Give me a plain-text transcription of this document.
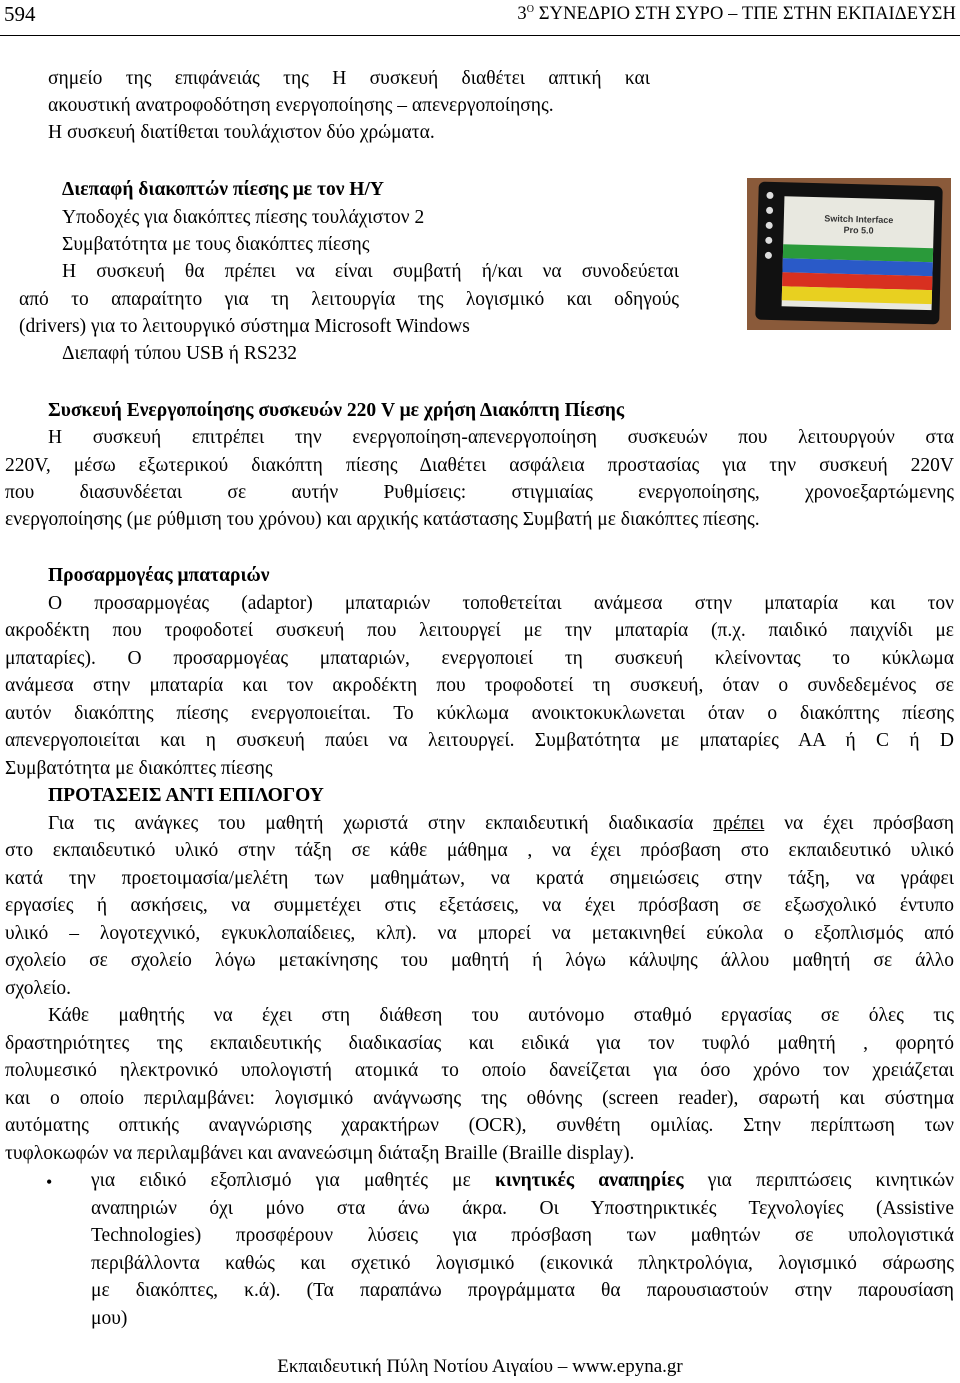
594	$3^O$ ΣΥΝΕΔΡΙΟ ΣΤΗ ΣΥΡΟ – ΤΠΕ ΣΤΗΝ ΕΚΠΑΙΔΕΥΣΗ
σημείο της επιφάνειάς της Η συσκευή διαθέτει απτική και
ακουστική ανατροφοδότηση ενεργοποίησης – απενεργοποίησης.
Η συσκευή διατίθεται τουλάχιστον δύο χρώματα.
Διεπαφή διακοπτών πίεσης με τον Η/Υ
Υποδοχές για διακόπτες πίεσης τουλάχιστον 2
Συμβατότητα με τους διακόπτες πίεσης
Η συσκευή θα πρέπει να είναι συμβατή ή/και να συνοδεύεται
από το απαραίτητο για τη λειτουργία της λογισμικό και οδηγούς
(drivers) για το λειτουργικό σύστημα Microsoft Windows
Διεπαφή τύπου USB ή RS232
Switch Interface
Pro 5.0
Συσκευή Ενεργοποίησης συσκευών 220 V με χρήση Διακόπτη Πίεσης
Η συσκευή επιτρέπει την ενεργοποίηση-απενεργοποίηση συσκευών που λειτουργούν στα
220V, μέσω εξωτερικού διακόπτη πίεσης Διαθέτει ασφάλεια προστασίας για την συσκευή 220V
που διασυνδέεται σε αυτήν Ρυθμίσεις: στιγμιαίας ενεργοποίησης, χρονοεξαρτώμενης
ενεργοποίησης (με ρύθμιση του χρόνου) και αρχικής κατάστασης Συμβατή με διακόπτες πίεσης.
Προσαρμογέας μπαταριών
Ο προσαρμογέας (adaptor) μπαταριών τοποθετείται ανάμεσα στην μπαταρία και τον
ακροδέκτη που τροφοδοτεί συσκευή που λειτουργεί με την μπαταρία (π.χ. παιδικό παιχνίδι με
μπαταρίες). Ο προσαρμογέας μπαταριών, ενεργοποιεί τη συσκευή κλείνοντας το κύκλωμα
ανάμεσα στην μπαταρία και τον ακροδέκτη που τροφοδοτεί τη συσκευή, όταν ο συνδεδεμένος σε
αυτόν διακόπτης πίεσης ενεργοποιείται. Το κύκλωμα ανοικτοκυκλωνεται όταν ο διακόπτης πίεσης
απενεργοποιείται και η συσκευή παύει να λειτουργεί. Συμβατότητα με μπαταρίες ΑΑ ή C ή D
Συμβατότητα με διακόπτες πίεσης
ΠΡΟΤΑΣΕΙΣ ΑΝΤΙ ΕΠΙΛΟΓΟΥ
Για τις ανάγκες του μαθητή χωριστά στην εκπαιδευτική διαδικασία πρέπει να έχει πρόσβαση
στο εκπαιδευτικό υλικό στην τάξη σε κάθε μάθημα , να έχει πρόσβαση στο εκπαιδευτικό υλικό
κατά την προετοιμασία/μελέτη των μαθημάτων, να κρατά σημειώσεις στην τάξη, να γράφει
εργασίες ή ασκήσεις, να συμμετέχει στις εξετάσεις, να έχει πρόσβαση σε εξωσχολικό έντυπο
υλικό – λογοτεχνικό, εγκυκλοπαίδειες, κλπ). να μπορεί να μετακινηθεί εύκολα ο εξοπλισμός από
σχολείο σε σχολείο λόγω μετακίνησης του μαθητή ή λόγω κάλυψης άλλου μαθητή σε άλλο
σχολείο.
Κάθε μαθητής να έχει στη διάθεση του αυτόνομο σταθμό εργασίας σε όλες τις
δραστηριότητες της εκπαιδευτικής διαδικασίας και ειδικά για τον τυφλό μαθητή , φορητό
πολυμεσικό ηλεκτρονικό υπολογιστή ατομικά το οποίο δανείζεται για όσο χρόνο τον χρειάζεται
και ο οποίο περιλαμβάνει: λογισμικό ανάγνωσης της οθόνης (screen reader), σαρωτή και σύστημα
αυτόματης οπτικής αναγνώρισης χαρακτήρων (OCR), συνθέτη ομιλίας. Στην περίπτωση των
τυφλοκωφών να περιλαμβάνει και ανανεώσιμη διάταξη Braille (Braille display).
• για ειδικό εξοπλισμό για μαθητές με κινητικές αναπηρίες για περιπτώσεις κινητικών
αναπηριών όχι μόνο στα άνω άκρα. Οι Υποστηρικτικές Τεχνολογίες (Assistive
Technologies) προσφέρουν λύσεις για πρόσβαση των μαθητών σε υπολογιστικά
περιβάλλοντα καθώς και σχετικό λογισμικό (εικονικά πληκτρολόγια, λογισμικό σάρωσης
με διακόπτες, κ.ά). (Τα παραπάνω προγράμματα θα παρουσιαστούν στην παρουσίαση
μου)
Εκπαιδευτική Πύλη Νοτίου Αιγαίου – www.epyna.gr
